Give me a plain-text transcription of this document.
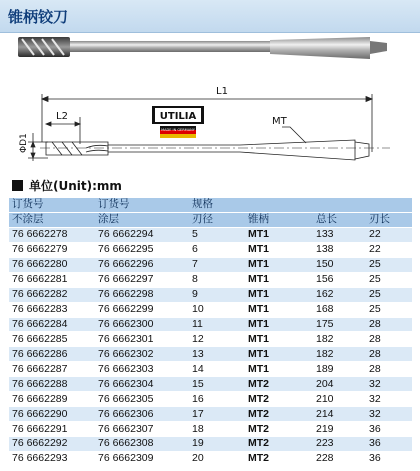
锥柄铰刀
UTILIA
MADE IN GERMANY
L1
L2
ΦD1
MT
单位(Unit):mm
订货号	订货号	规格			
不涂层	涂层	刃径	锥柄	总长	刃长
76 6662278	76 6662294	5	MT1	133	22
76 6662279	76 6662295	6	MT1	138	22
76 6662280	76 6662296	7	MT1	150	25
76 6662281	76 6662297	8	MT1	156	25
76 6662282	76 6662298	9	MT1	162	25
76 6662283	76 6662299	10	MT1	168	25
76 6662284	76 6662300	11	MT1	175	28
76 6662285	76 6662301	12	MT1	182	28
76 6662286	76 6662302	13	MT1	182	28
76 6662287	76 6662303	14	MT1	189	28
76 6662288	76 6662304	15	MT2	204	32
76 6662289	76 6662305	16	MT2	210	32
76 6662290	76 6662306	17	MT2	214	32
76 6662291	76 6662307	18	MT2	219	36
76 6662292	76 6662308	19	MT2	223	36
76 6662293	76 6662309	20	MT2	228	36
